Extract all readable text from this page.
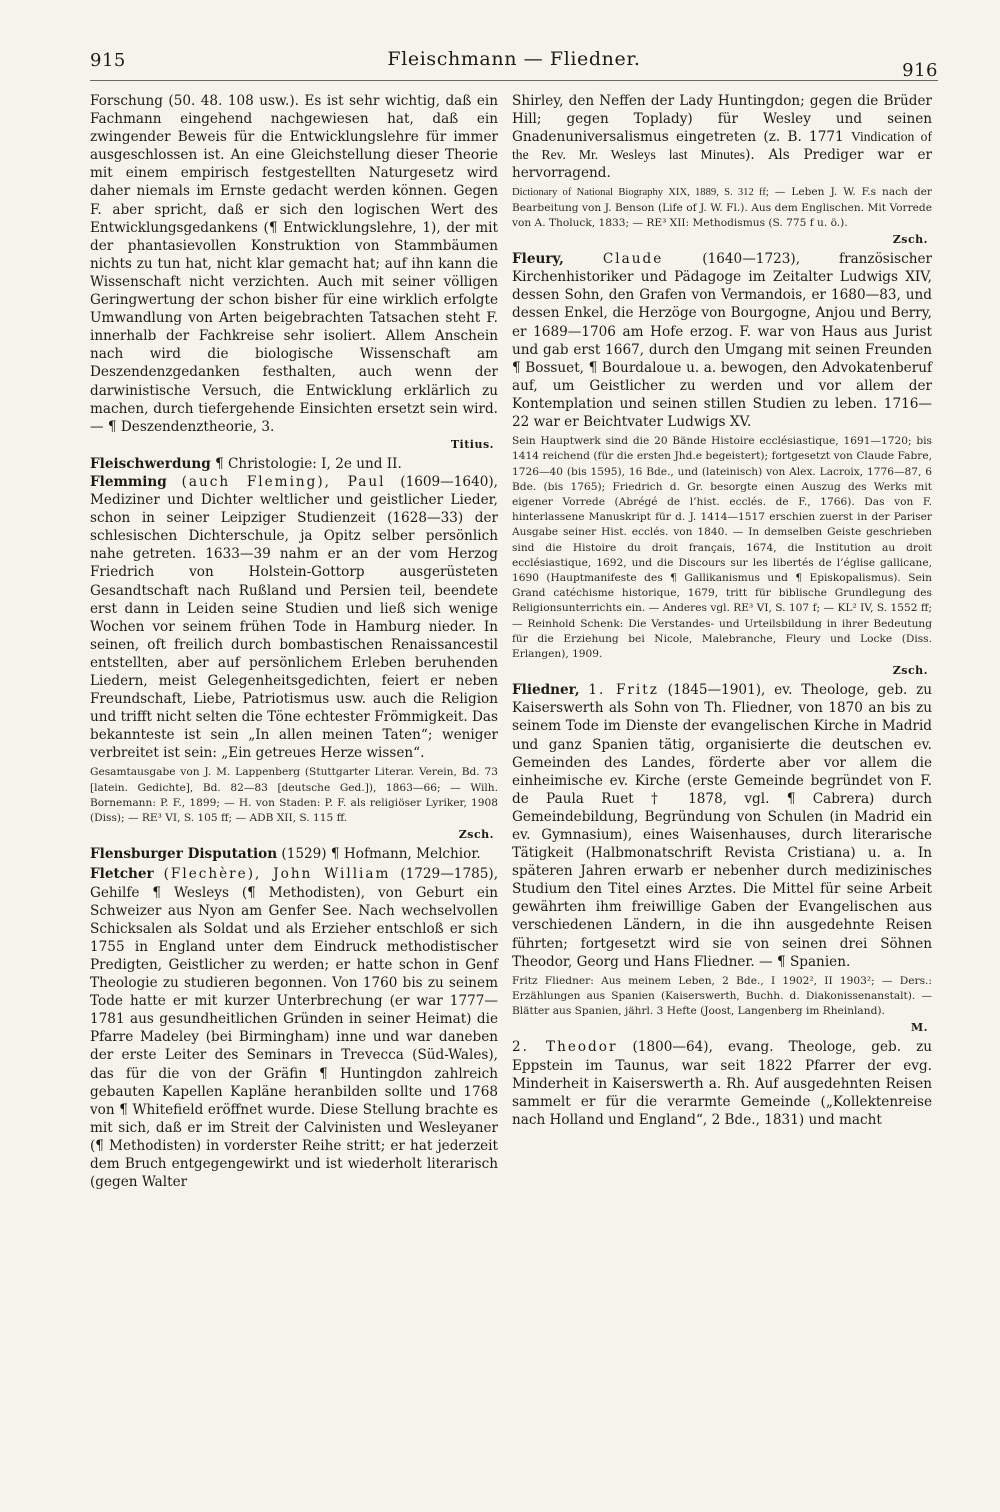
915	Fleischmann — Fliedner.
916

Forschung (50. 48. 108 usw.). Es ist sehr wichtig, daß ein Fachmann eingehend nachgewiesen hat, daß ein zwingender Beweis für die Entwicklungslehre für immer ausgeschlossen ist. An eine Gleichstellung dieser Theorie mit einem empirisch festgestellten Naturgesetz wird daher niemals im Ernste gedacht werden können. Gegen F. aber spricht, daß er sich den logischen Wert des Entwicklungsgedankens (¶ Entwicklungslehre, 1), der mit der phantasievollen Konstruktion von Stammbäumen nichts zu tun hat, nicht klar gemacht hat; auf ihn kann die Wissenschaft nicht verzichten. Auch mit seiner völligen Geringwertung der schon bisher für eine wirklich erfolgte Umwandlung von Arten beigebrachten Tatsachen steht F. innerhalb der Fachkreise sehr isoliert. Allem Anschein nach wird die biologische Wissenschaft am Deszendenzgedanken festhalten, auch wenn der darwinistische Versuch, die Entwicklung erklärlich zu machen, durch tiefergehende Einsichten ersetzt sein wird. — ¶ Deszendenztheorie, 3.

Titius.

Fleischwerdung ¶ Christologie: I, 2e und II.

Flemming (auch Fleming), Paul (1609—1640), Mediziner und Dichter weltlicher und geistlicher Lieder, schon in seiner Leipziger Studienzeit (1628—33) der schlesischen Dichterschule, ja Opitz selber persönlich nahe getreten. 1633—39 nahm er an der vom Herzog Friedrich von Holstein-Gottorp ausgerüsteten Gesandtschaft nach Rußland und Persien teil, beendete erst dann in Leiden seine Studien und ließ sich wenige Wochen vor seinem frühen Tode in Hamburg nieder. In seinen, oft freilich durch bombastischen Renaissancestil entstellten, aber auf persönlichem Erleben beruhenden Liedern, meist Gelegenheitsgedichten, feiert er neben Freundschaft, Liebe, Patriotismus usw. auch die Religion und trifft nicht selten die Töne echtester Frömmigkeit. Das bekannteste ist sein „In allen meinen Taten“; weniger verbreitet ist sein: „Ein getreues Herze wissen“.

Gesamtausgabe von J. M. Lappenberg (Stuttgarter Literar. Verein, Bd. 73 [latein. Gedichte], Bd. 82—83 [deutsche Ged.]), 1863—66; — Wilh. Bornemann: P. F., 1899; — H. von Staden: P. F. als religiöser Lyriker, 1908 (Diss); — RE³ VI, S. 105 ff; — ADB XII, S. 115 ff.

Zsch.

Flensburger Disputation (1529) ¶ Hofmann, Melchior.

Fletcher (Flechère), John William (1729—1785), Gehilfe ¶ Wesleys (¶ Methodisten), von Geburt ein Schweizer aus Nyon am Genfer See. Nach wechselvollen Schicksalen als Soldat und als Erzieher entschloß er sich 1755 in England unter dem Eindruck methodistischer Predigten, Geistlicher zu werden; er hatte schon in Genf Theologie zu studieren begonnen. Von 1760 bis zu seinem Tode hatte er mit kurzer Unterbrechung (er war 1777—1781 aus gesundheitlichen Gründen in seiner Heimat) die Pfarre Madeley (bei Birmingham) inne und war daneben der erste Leiter des Seminars in Trevecca (Süd-Wales), das für die von der Gräfin ¶ Huntingdon zahlreich gebauten Kapellen Kapläne heranbilden sollte und 1768 von ¶ Whitefield eröffnet wurde. Diese Stellung brachte es mit sich, daß er im Streit der Calvinisten und Wesleyaner (¶ Methodisten) in vorderster Reihe stritt; er hat jederzeit dem Bruch entgegengewirkt und ist wiederholt literarisch (gegen Walter

Shirley, den Neffen der Lady Huntingdon; gegen die Brüder Hill; gegen Toplady) für Wesley und seinen Gnadenuniversalismus eingetreten (z. B. 1771 Vindication of the Rev. Mr. Wesleys last Minutes). Als Prediger war er hervorragend.

Dictionary of National Biography XIX, 1889, S. 312 ff; — Leben J. W. F.s nach der Bearbeitung von J. Benson (Life of J. W. Fl.). Aus dem Englischen. Mit Vorrede von A. Tholuck, 1833; — RE³ XII: Methodismus (S. 775 f u. ö.).

Zsch.

Fleury,	Claude	(1640—1723), französischer Kirchenhistoriker und Pädagoge im Zeitalter Ludwigs XIV, dessen Sohn, den Grafen von Vermandois, er 1680—83, und dessen Enkel, die Herzöge von Bourgogne, Anjou und Berry, er 1689—1706 am Hofe erzog. F. war von Haus aus Jurist und gab erst 1667, durch den Umgang mit seinen Freunden ¶ Bossuet, ¶ Bourdaloue u. a. bewogen, den Advokatenberuf auf, um Geistlicher zu werden und vor allem der Kontemplation und seinen stillen Studien zu leben. 1716—22 war er Beichtvater Ludwigs XV.

Sein Hauptwerk sind die 20 Bände Histoire ecclésiastique, 1691—1720; bis 1414 reichend (für die ersten Jhd.e begeistert); fortgesetzt von Claude Fabre, 1726—40 (bis 1595), 16 Bde., und (lateinisch) von Alex. Lacroix, 1776—87, 6 Bde. (bis 1765); Friedrich d. Gr. besorgte einen Auszug des Werks mit eigener Vorrede (Abrégé de l’hist. ecclés. de F., 1766). Das von F. hinterlassene Manuskript für d. J. 1414—1517 erschien zuerst in der Pariser Ausgabe seiner Hist. ecclés. von 1840. — In demselben Geiste geschrieben sind die Histoire du droit français, 1674, die Institution au droit ecclésiastique, 1692, und die Discours sur les libertés de l’église gallicane, 1690 (Hauptmanifeste des ¶ Gallikanismus und ¶ Episkopalismus). Sein Grand catéchisme historique, 1679, tritt für biblische Grundlegung des Religionsunterrichts ein. — Anderes vgl. RE³ VI, S. 107 f; — KL² IV, S. 1552 ff; — Reinhold Schenk: Die Verstandes- und Urteilsbildung in ihrer Bedeutung für die Erziehung bei Nicole, Malebranche, Fleury und Locke (Diss. Erlangen), 1909.

Zsch.

Fliedner, 1. Fritz (1845—1901), ev. Theologe, geb. zu Kaiserswerth als Sohn von Th. Fliedner, von 1870 an bis zu seinem Tode im Dienste der evangelischen Kirche in Madrid und ganz Spanien tätig, organisierte die deutschen ev. Gemeinden des Landes, förderte aber vor allem die einheimische ev. Kirche (erste Gemeinde begründet von F. de Paula Ruet † 1878, vgl. ¶ Cabrera) durch Gemeindebildung, Begründung von Schulen (in Madrid ein ev. Gymnasium), eines Waisenhauses, durch literarische Tätigkeit (Halbmonatschrift Revista Cristiana) u. a. In späteren Jahren erwarb er nebenher durch medizinisches Studium den Titel eines Arztes. Die Mittel für seine Arbeit gewährten ihm freiwillige Gaben der Evangelischen aus verschiedenen Ländern, in die ihn ausgedehnte Reisen führten; fortgesetzt wird sie von seinen drei Söhnen Theodor, Georg und Hans Fliedner. — ¶ Spanien.

Fritz Fliedner: Aus meinem Leben, 2 Bde., I 1902², II 1903²; — Ders.: Erzählungen aus Spanien (Kaiserswerth, Buchh. d. Diakonissenanstalt). — Blätter aus Spanien, jährl. 3 Hefte (Joost, Langenberg im Rheinland).

M.

2. Theodor (1800—64), evang. Theologe, geb. zu Eppstein im Taunus, war seit 1822 Pfarrer der evg. Minderheit in Kaiserswerth a. Rh. Auf ausgedehnten Reisen sammelt er für die verarmte Gemeinde („Kollektenreise nach Holland und England“, 2 Bde., 1831) und macht
